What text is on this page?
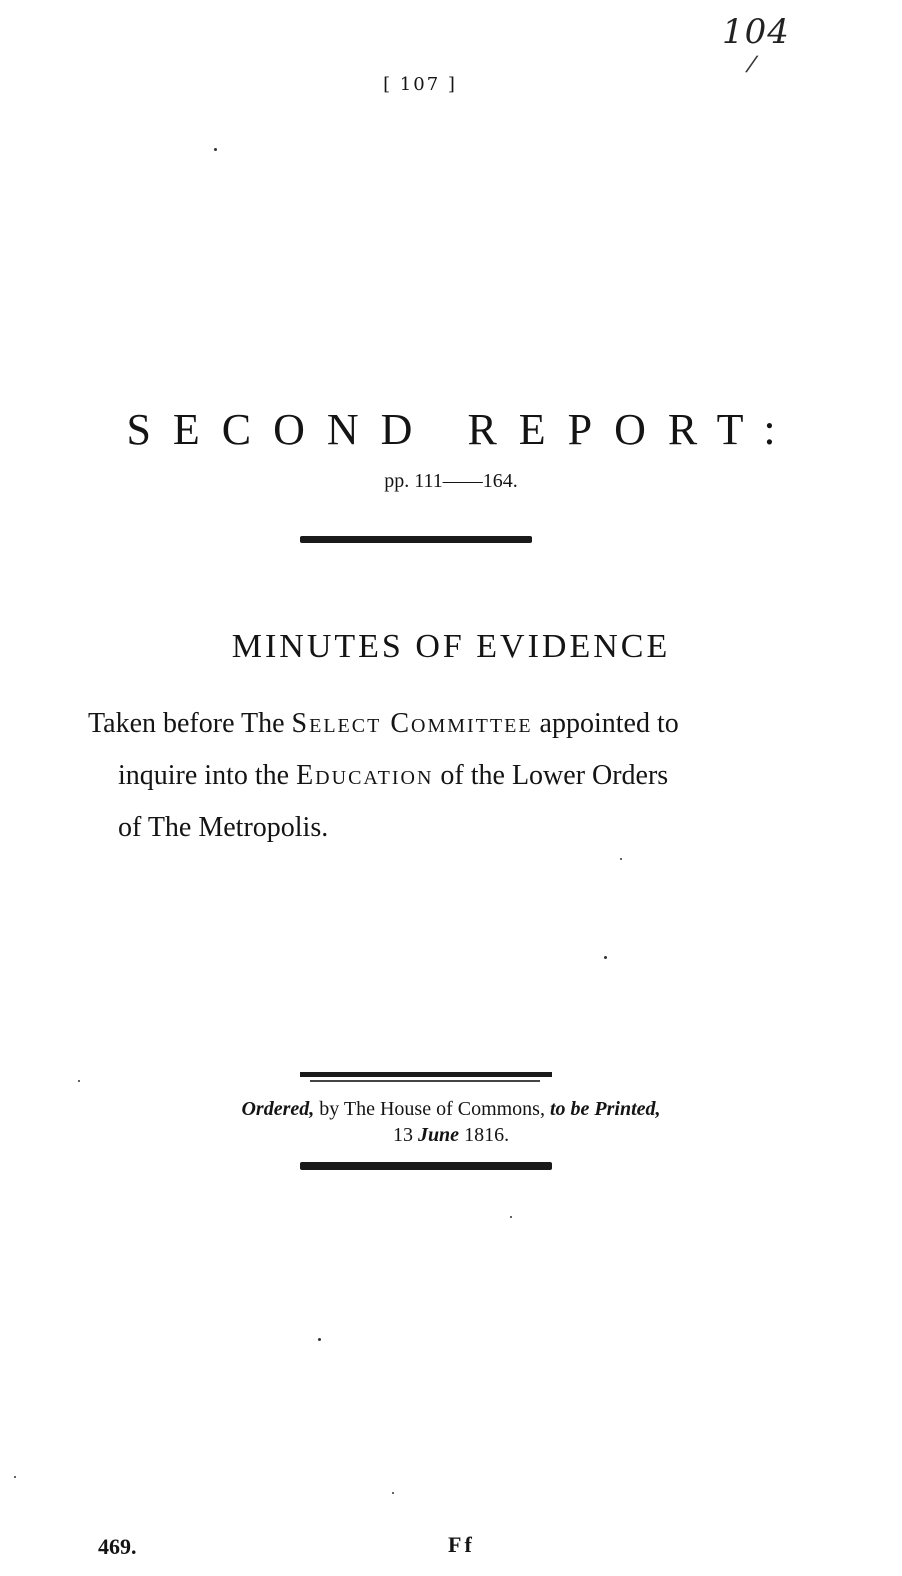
104
/
[ 107 ]
SECOND REPORT:
pp. 111——164.
MINUTES OF EVIDENCE
Taken before The Select Committee appointed to
inquire into the Education of the Lower Orders
of The Metropolis.
Ordered, by The House of Commons, to be Printed,
13 June 1816.
469.	Ff
